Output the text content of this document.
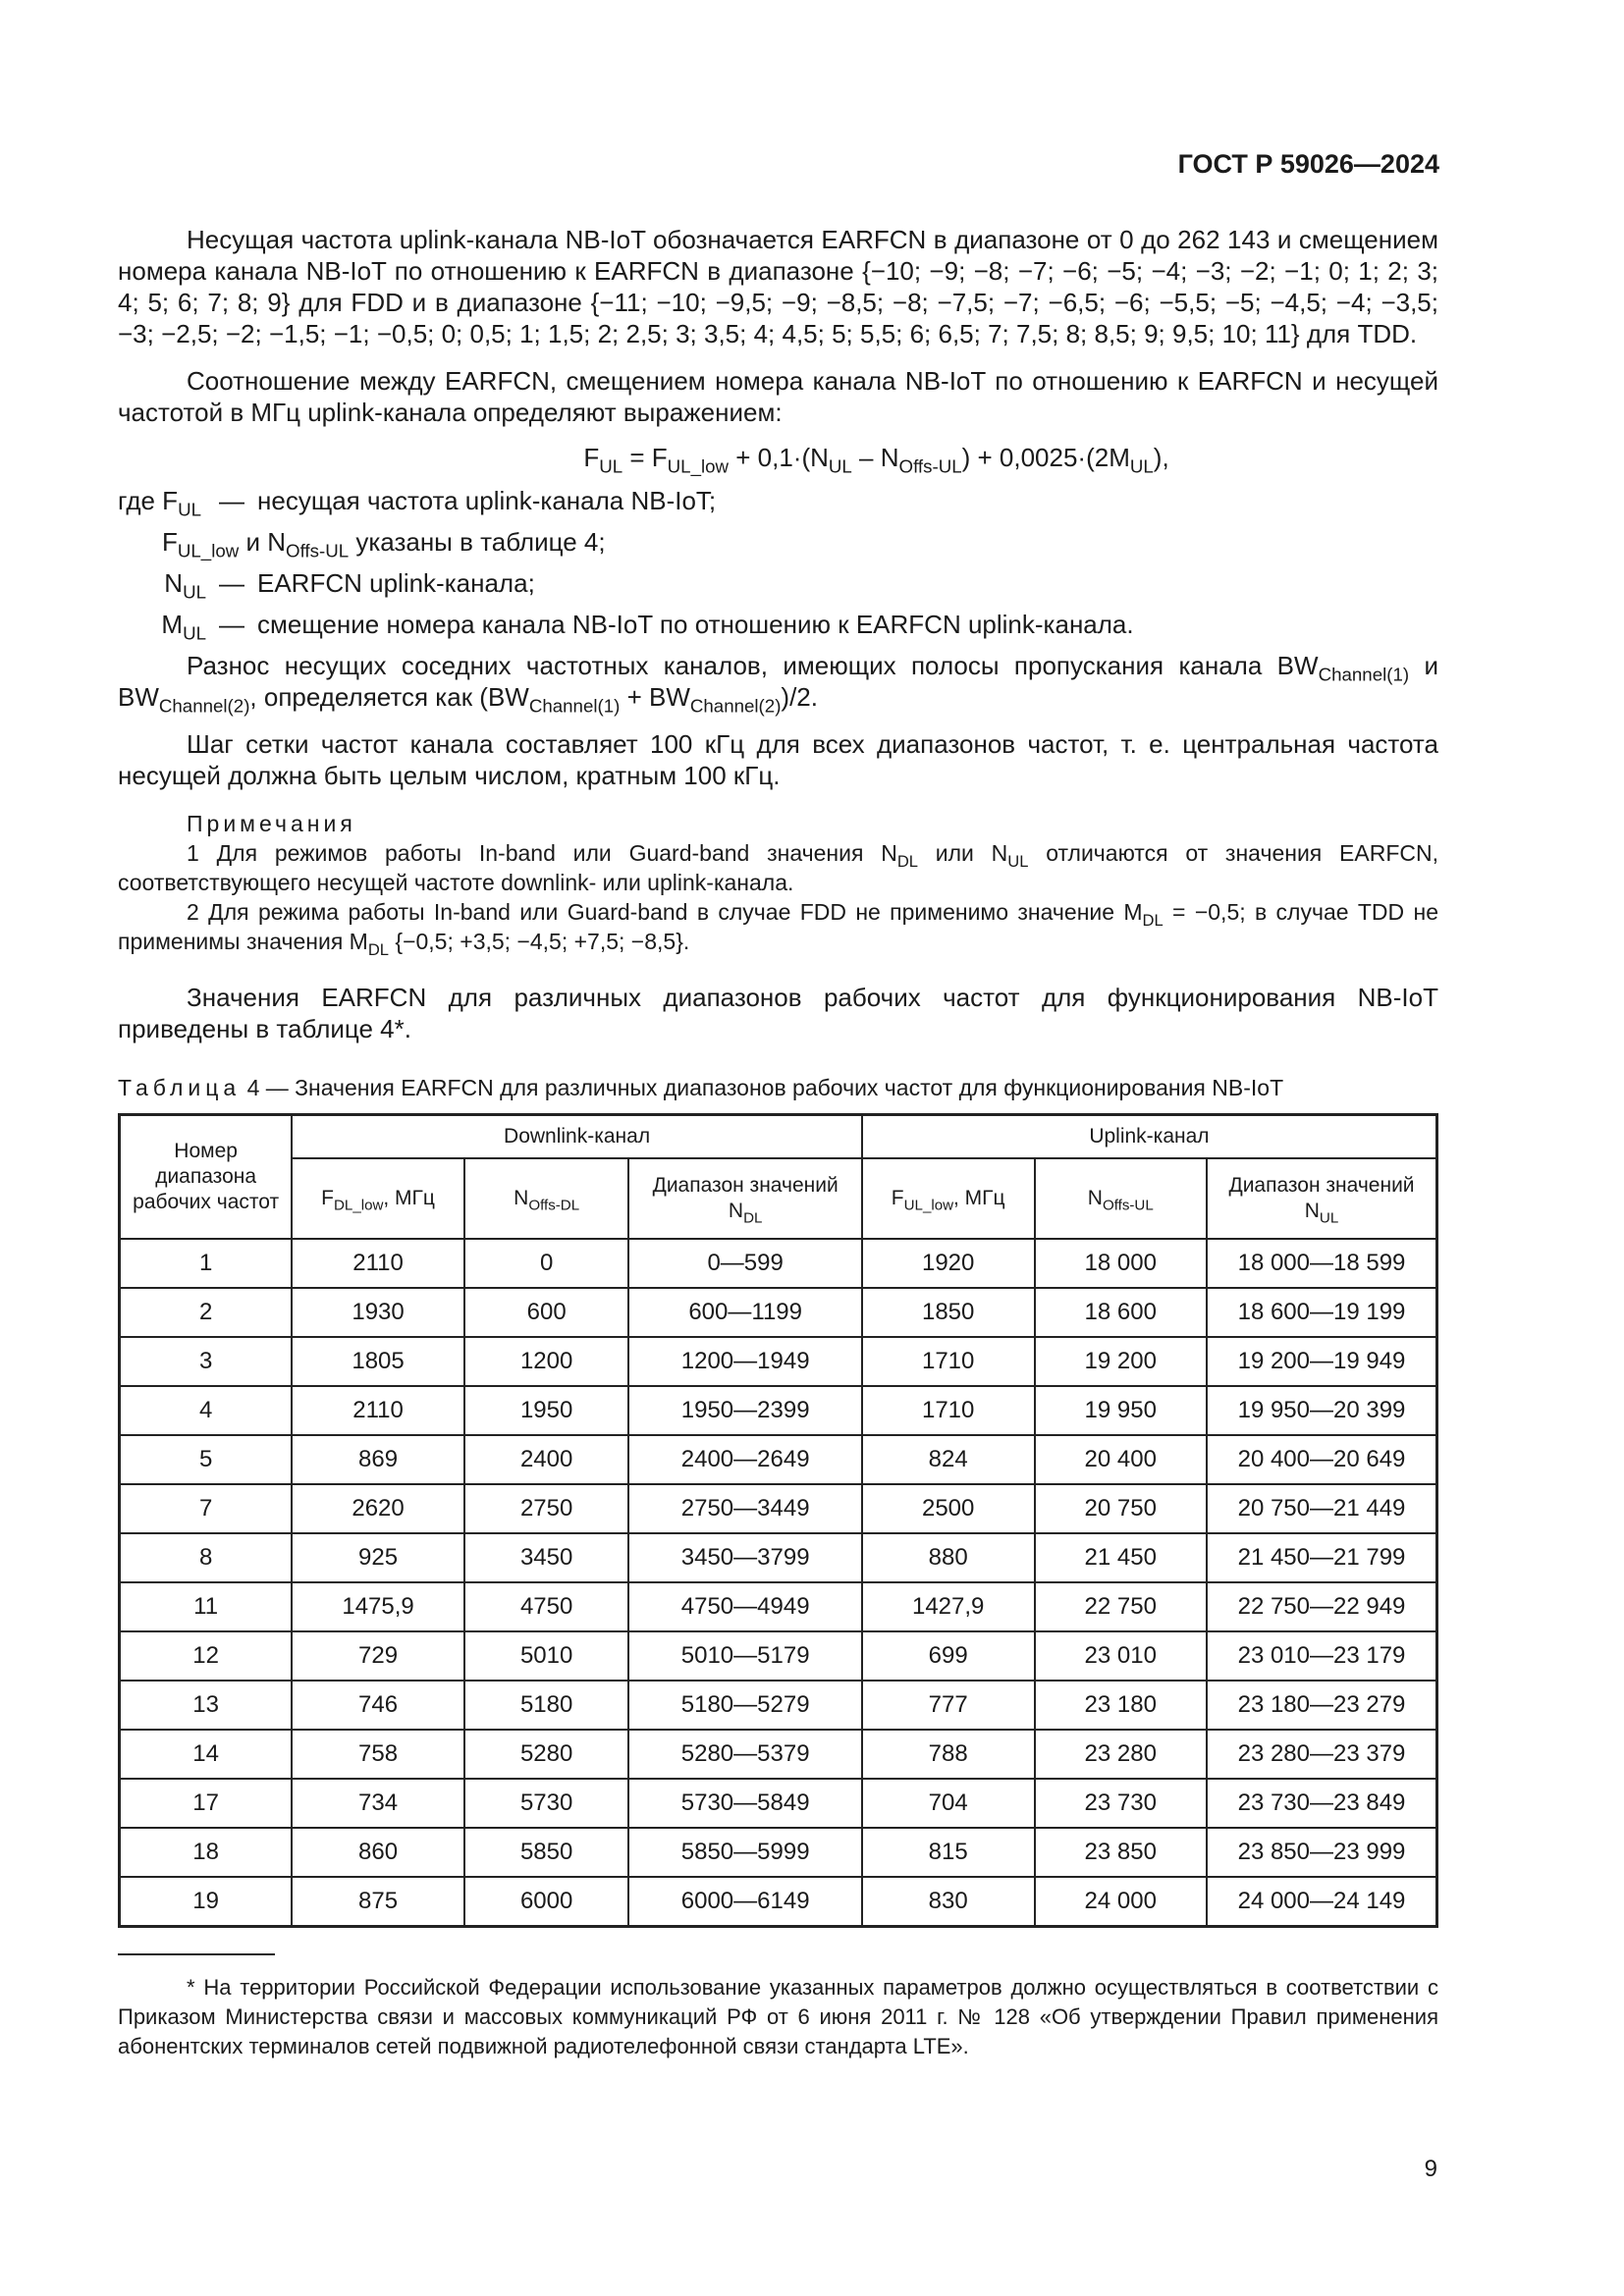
ГОСТ Р 59026—2024

Несущая частота uplink-канала NB-IoT обозначается EARFCN в диапазоне от 0 до 262 143 и смещением номера канала NB-IoT по отношению к EARFCN в диапазоне {−10; −9; −8; −7; −6; −5; −4; −3; −2; −1; 0; 1; 2; 3; 4; 5; 6; 7; 8; 9} для FDD и в диапазоне {−11; −10; −9,5; −9; −8,5; −8; −7,5; −7; −6,5; −6; −5,5; −5; −4,5; −4; −3,5; −3; −2,5; −2; −1,5; −1; −0,5; 0; 0,5; 1; 1,5; 2; 2,5; 3; 3,5; 4; 4,5; 5; 5,5; 6; 6,5; 7; 7,5; 8; 8,5; 9; 9,5; 10; 11} для TDD.

Соотношение между EARFCN, смещением номера канала NB-IoT по отношению к EARFCN и несущей частотой в МГц uplink-канала определяют выражением:

$F_{UL} = F_{UL\_low} + 0,1\cdot(N_{UL} - N_{Offs-UL}) + 0,0025\cdot(2M_{UL})$,
где $F_{UL}$ — несущая частота uplink-канала NB-IoT;
$F_{UL\_low}$ и $N_{Offs-UL}$ указаны в таблице 4;
$N_{UL}$ — EARFCN uplink-канала;
$M_{UL}$ — смещение номера канала NB-IoT по отношению к EARFCN uplink-канала.

Разнос несущих соседних частотных каналов, имеющих полосы пропускания канала $BW_{Channel(1)}$ и $BW_{Channel(2)}$, определяется как $(BW_{Channel(1)} + BW_{Channel(2)})/2$.

Шаг сетки частот канала составляет 100 кГц для всех диапазонов частот, т. е. центральная частота несущей должна быть целым числом, кратным 100 кГц.

Примечания

1 Для режимов работы In-band или Guard-band значения $N_{DL}$ или $N_{UL}$ отличаются от значения EARFCN, соответствующего несущей частоте downlink- или uplink-канала.

2 Для режима работы In-band или Guard-band в случае FDD не применимо значение $M_{DL} = -0,5$; в случае TDD не применимы значения $M_{DL}$ {−0,5; +3,5; −4,5; +7,5; −8,5}.

Значения EARFCN для различных диапазонов рабочих частот для функционирования NB-IoT приведены в таблице 4*.

Таблица 4 — Значения EARFCN для различных диапазонов рабочих частот для функционирования NB-IoT
Номер диапазона рабочих частот	Downlink-канал			Uplink-канал		
	$F_{DL\_low}$, МГц	$N_{Offs-DL}$	Диапазон значений $N_{DL}$	$F_{UL\_low}$, МГц	$N_{Offs-UL}$	Диапазон значений $N_{UL}$
1	2110	0	0—599	1920	18 000	18 000—18 599
2	1930	600	600—1199	1850	18 600	18 600—19 199
3	1805	1200	1200—1949	1710	19 200	19 200—19 949
4	2110	1950	1950—2399	1710	19 950	19 950—20 399
5	869	2400	2400—2649	824	20 400	20 400—20 649
7	2620	2750	2750—3449	2500	20 750	20 750—21 449
8	925	3450	3450—3799	880	21 450	21 450—21 799
11	1475,9	4750	4750—4949	1427,9	22 750	22 750—22 949
12	729	5010	5010—5179	699	23 010	23 010—23 179
13	746	5180	5180—5279	777	23 180	23 180—23 279
14	758	5280	5280—5379	788	23 280	23 280—23 379
17	734	5730	5730—5849	704	23 730	23 730—23 849
18	860	5850	5850—5999	815	23 850	23 850—23 999
19	875	6000	6000—6149	830	24 000	24 000—24 149

* На территории Российской Федерации использование указанных параметров должно осуществляться в соответствии с Приказом Министерства связи и массовых коммуникаций РФ от 6 июня 2011 г. № 128 «Об утверждении Правил применения абонентских терминалов сетей подвижной радиотелефонной связи стандарта LTE».

9
